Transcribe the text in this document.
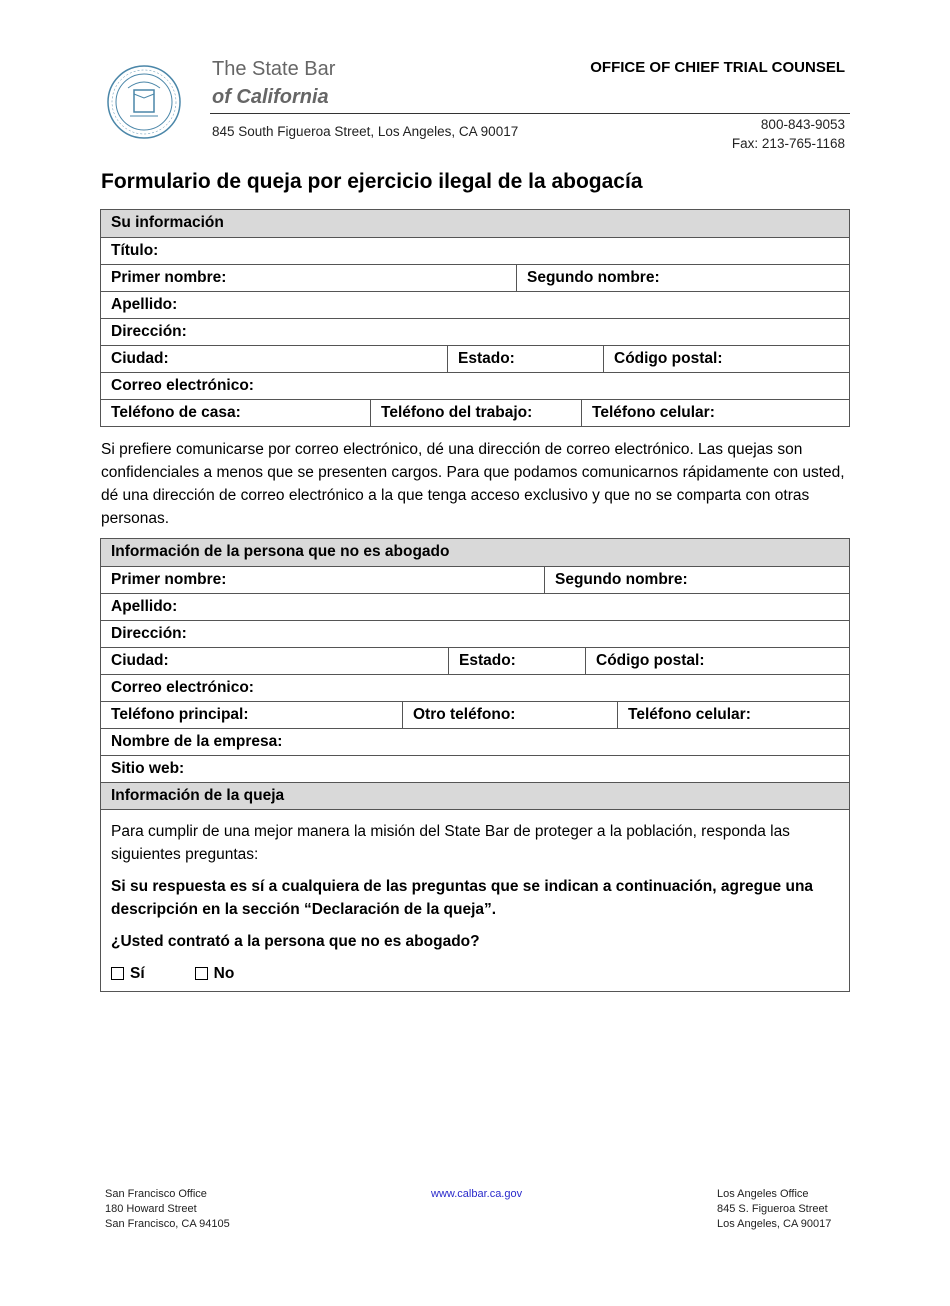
The State Bar
of California
OFFICE OF CHIEF TRIAL COUNSEL
845 South Figueroa Street, Los Angeles, CA 90017	800-843-9053
Fax: 213-765-1168
Formulario de queja por ejercicio ilegal de la abogacía
Su información
Título:
Primer nombre:	Segundo nombre:
Apellido:
Dirección:
Ciudad:	Estado:	Código postal:
Correo electrónico:
Teléfono de casa:	Teléfono del trabajo:	Teléfono celular:
Si prefiere comunicarse por correo electrónico, dé una dirección de correo electrónico. Las quejas son confidenciales a menos que se presenten cargos. Para que podamos comunicarnos rápidamente con usted, dé una dirección de correo electrónico a la que tenga acceso exclusivo y que no se comparta con otras personas.
Información de la persona que no es abogado
Primer nombre:	Segundo nombre:
Apellido:
Dirección:
Ciudad:	Estado:	Código postal:
Correo electrónico:
Teléfono principal:	Otro teléfono:	Teléfono celular:
Nombre de la empresa:
Sitio web:
Información de la queja

Para cumplir de una mejor manera la misión del State Bar de proteger a la población, responda las siguientes preguntas:

Si su respuesta es sí a cualquiera de las preguntas que se indican a continuación, agregue una descripción en la sección “Declaración de la queja”.

¿Usted contrató a la persona que no es abogado?

Sí	No
San Francisco Office
180 Howard Street
San Francisco, CA 94105
www.calbar.ca.gov	Los Angeles Office
845 S. Figueroa Street
Los Angeles, CA 90017
